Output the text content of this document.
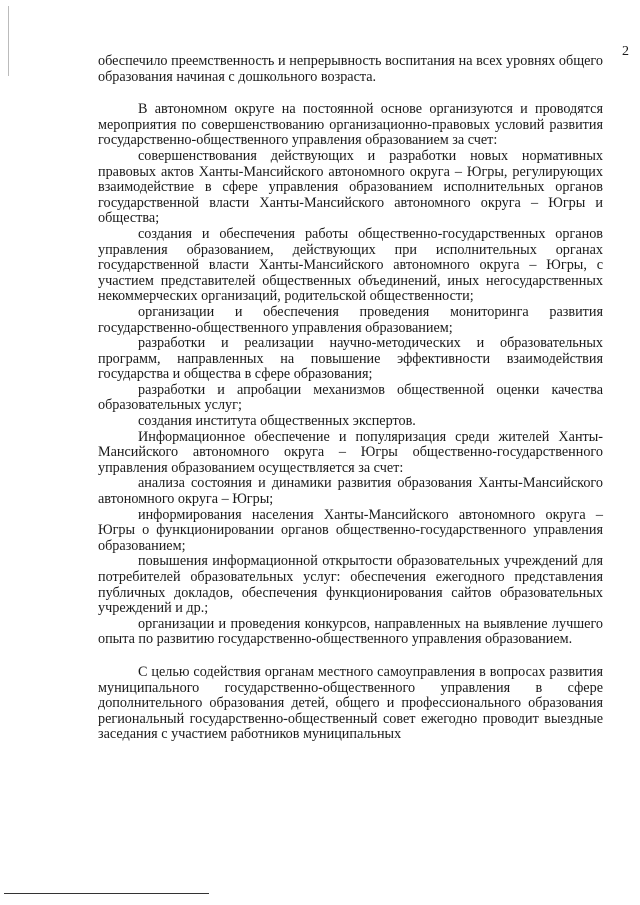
2

обеспечило преемственность и непрерывность воспитания на всех уровнях общего образования начиная с дошкольного возраста.

В автономном округе на постоянной основе организуются и проводятся мероприятия по совершенствованию организационно-правовых условий развития государственно-общественного управления образованием за счет:

совершенствования действующих и разработки новых нормативных правовых актов Ханты-Мансийского автономного округа – Югры, регулирующих взаимодействие в сфере управления образованием исполнительных органов государственной власти Ханты-Мансийского автономного округа – Югры и общества;

создания и обеспечения работы общественно-государственных органов управления образованием, действующих при исполнительных органах государственной власти Ханты-Мансийского автономного округа – Югры, с участием представителей общественных объединений, иных негосударственных некоммерческих организаций, родительской общественности;

организации и обеспечения проведения мониторинга развития государственно-общественного управления образованием;

разработки и реализации научно-методических и образовательных программ, направленных на повышение эффективности взаимодействия государства и общества в сфере образования;

разработки и апробации механизмов общественной оценки качества образовательных услуг;

создания института общественных экспертов.

Информационное обеспечение и популяризация среди жителей Ханты-Мансийского автономного округа – Югры общественно-государственного управления образованием осуществляется за счет:

анализа состояния и динамики развития образования Ханты-Мансийского автономного округа – Югры;

информирования населения Ханты-Мансийского автономного округа – Югры о функционировании органов общественно-государственного управления образованием;

повышения информационной открытости образовательных учреждений для потребителей образовательных услуг: обеспечения ежегодного представления публичных докладов, обеспечения функционирования сайтов образовательных учреждений и др.;

организации и проведения конкурсов, направленных на выявление лучшего опыта по развитию государственно-общественного управления образованием.

С целью содействия органам местного самоуправления в вопросах развития муниципального государственно-общественного управления в сфере дополнительного образования детей, общего и профессионального образования региональный государственно-общественный совет ежегодно проводит выездные заседания с участием работников муниципальных
